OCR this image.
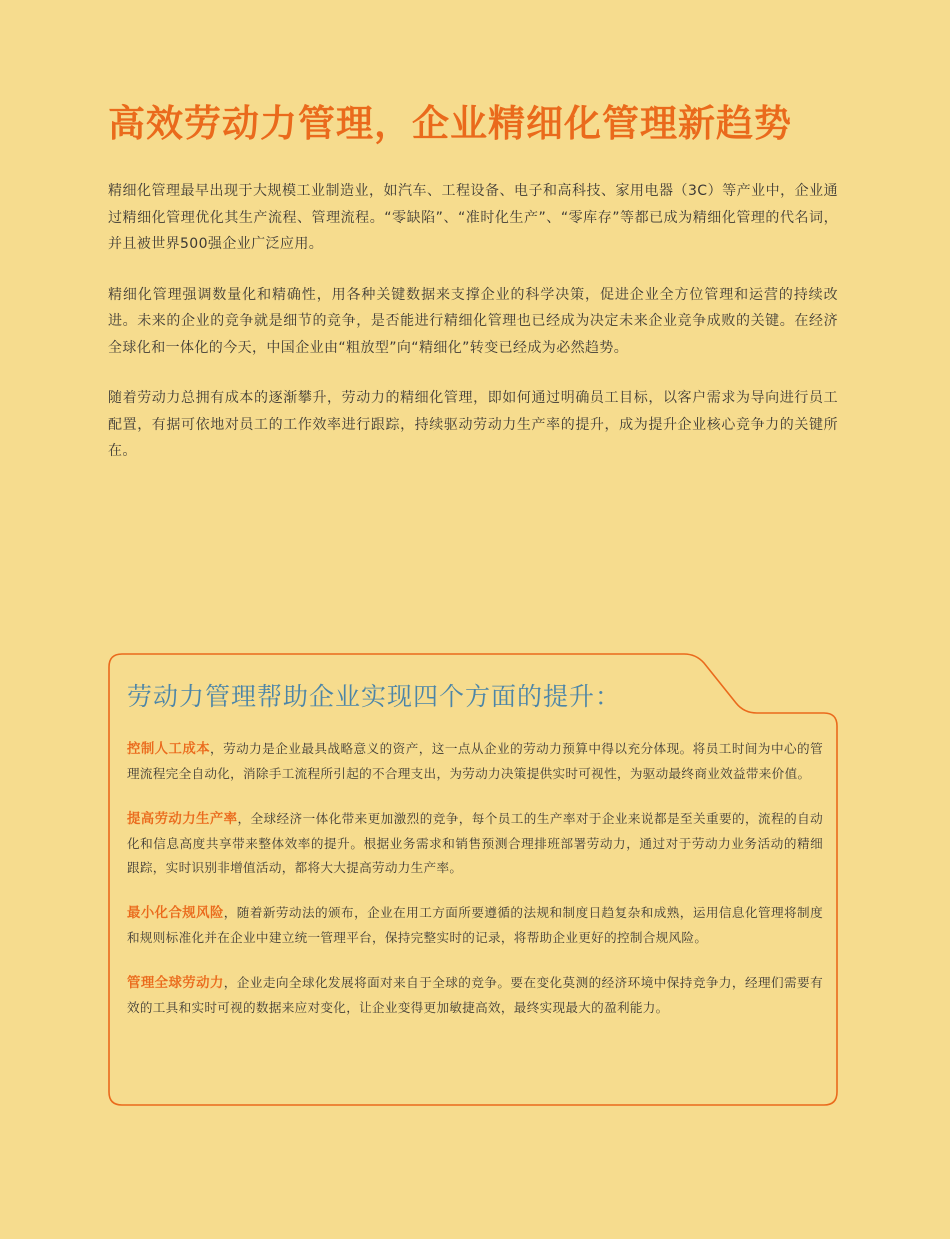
高效劳动力管理，企业精细化管理新趋势

精细化管理最早出现于大规模工业制造业，如汽车、工程设备、电子和高科技、家用电器（3C）等产业中，企业通过精细化管理优化其生产流程、管理流程。“零缺陷”、“准时化生产”、“零库存”等都已成为精细化管理的代名词，并且被世界500强企业广泛应用。

精细化管理强调数量化和精确性，用各种关键数据来支撑企业的科学决策，促进企业全方位管理和运营的持续改进。未来的企业的竞争就是细节的竞争，是否能进行精细化管理也已经成为决定未来企业竞争成败的关键。在经济全球化和一体化的今天，中国企业由“粗放型”向“精细化”转变已经成为必然趋势。

随着劳动力总拥有成本的逐渐攀升，劳动力的精细化管理，即如何通过明确员工目标，以客户需求为导向进行员工配置，有据可依地对员工的工作效率进行跟踪，持续驱动劳动力生产率的提升，成为提升企业核心竞争力的关键所在。

劳动力管理帮助企业实现四个方面的提升：

控制人工成本，劳动力是企业最具战略意义的资产，这一点从企业的劳动力预算中得以充分体现。将员工时间为中心的管理流程完全自动化，消除手工流程所引起的不合理支出，为劳动力决策提供实时可视性，为驱动最终商业效益带来价值。

提高劳动力生产率，全球经济一体化带来更加激烈的竞争，每个员工的生产率对于企业来说都是至关重要的，流程的自动化和信息高度共享带来整体效率的提升。根据业务需求和销售预测合理排班部署劳动力，通过对于劳动力业务活动的精细跟踪，实时识别非增值活动，都将大大提高劳动力生产率。

最小化合规风险，随着新劳动法的颁布，企业在用工方面所要遵循的法规和制度日趋复杂和成熟，运用信息化管理将制度和规则标准化并在企业中建立统一管理平台，保持完整实时的记录，将帮助企业更好的控制合规风险。

管理全球劳动力，企业走向全球化发展将面对来自于全球的竞争。要在变化莫测的经济环境中保持竞争力，经理们需要有效的工具和实时可视的数据来应对变化，让企业变得更加敏捷高效，最终实现最大的盈利能力。
